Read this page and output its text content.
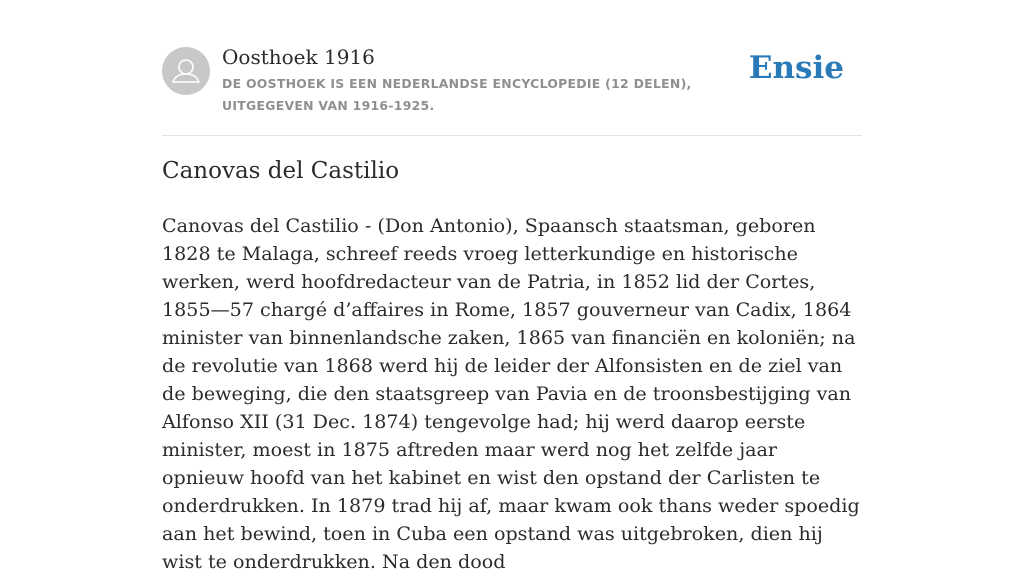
Oosthoek 1916
DE OOSTHOEK IS EEN NEDERLANDSE ENCYCLOPEDIE (12 DELEN), UITGEGEVEN VAN 1916-1925.
Ensie
Canovas del Castilio

Canovas del Castilio - (Don Antonio), Spaansch staatsman, geboren 1828 te Malaga, schreef reeds vroeg letterkundige en historische werken, werd hoofdredacteur van de Patria, in 1852 lid der Cortes, 1855—57 chargé d’affaires in Rome, 1857 gouverneur van Cadix, 1864 minister van binnenlandsche zaken, 1865 van financiën en koloniën; na de revolutie van 1868 werd hij de leider der Alfonsisten en de ziel van de beweging, die den staatsgreep van Pavia en de troonsbestijging van Alfonso XII (31 Dec. 1874) tengevolge had; hij werd daarop eerste minister, moest in 1875 aftreden maar werd nog het zelfde jaar opnieuw hoofd van het kabinet en wist den opstand der Carlisten te onderdrukken. In 1879 trad hij af, maar kwam ook thans weder spoedig aan het bewind, toen in Cuba een opstand was uitgebroken, dien hij wist te onderdrukken. Na den dood
